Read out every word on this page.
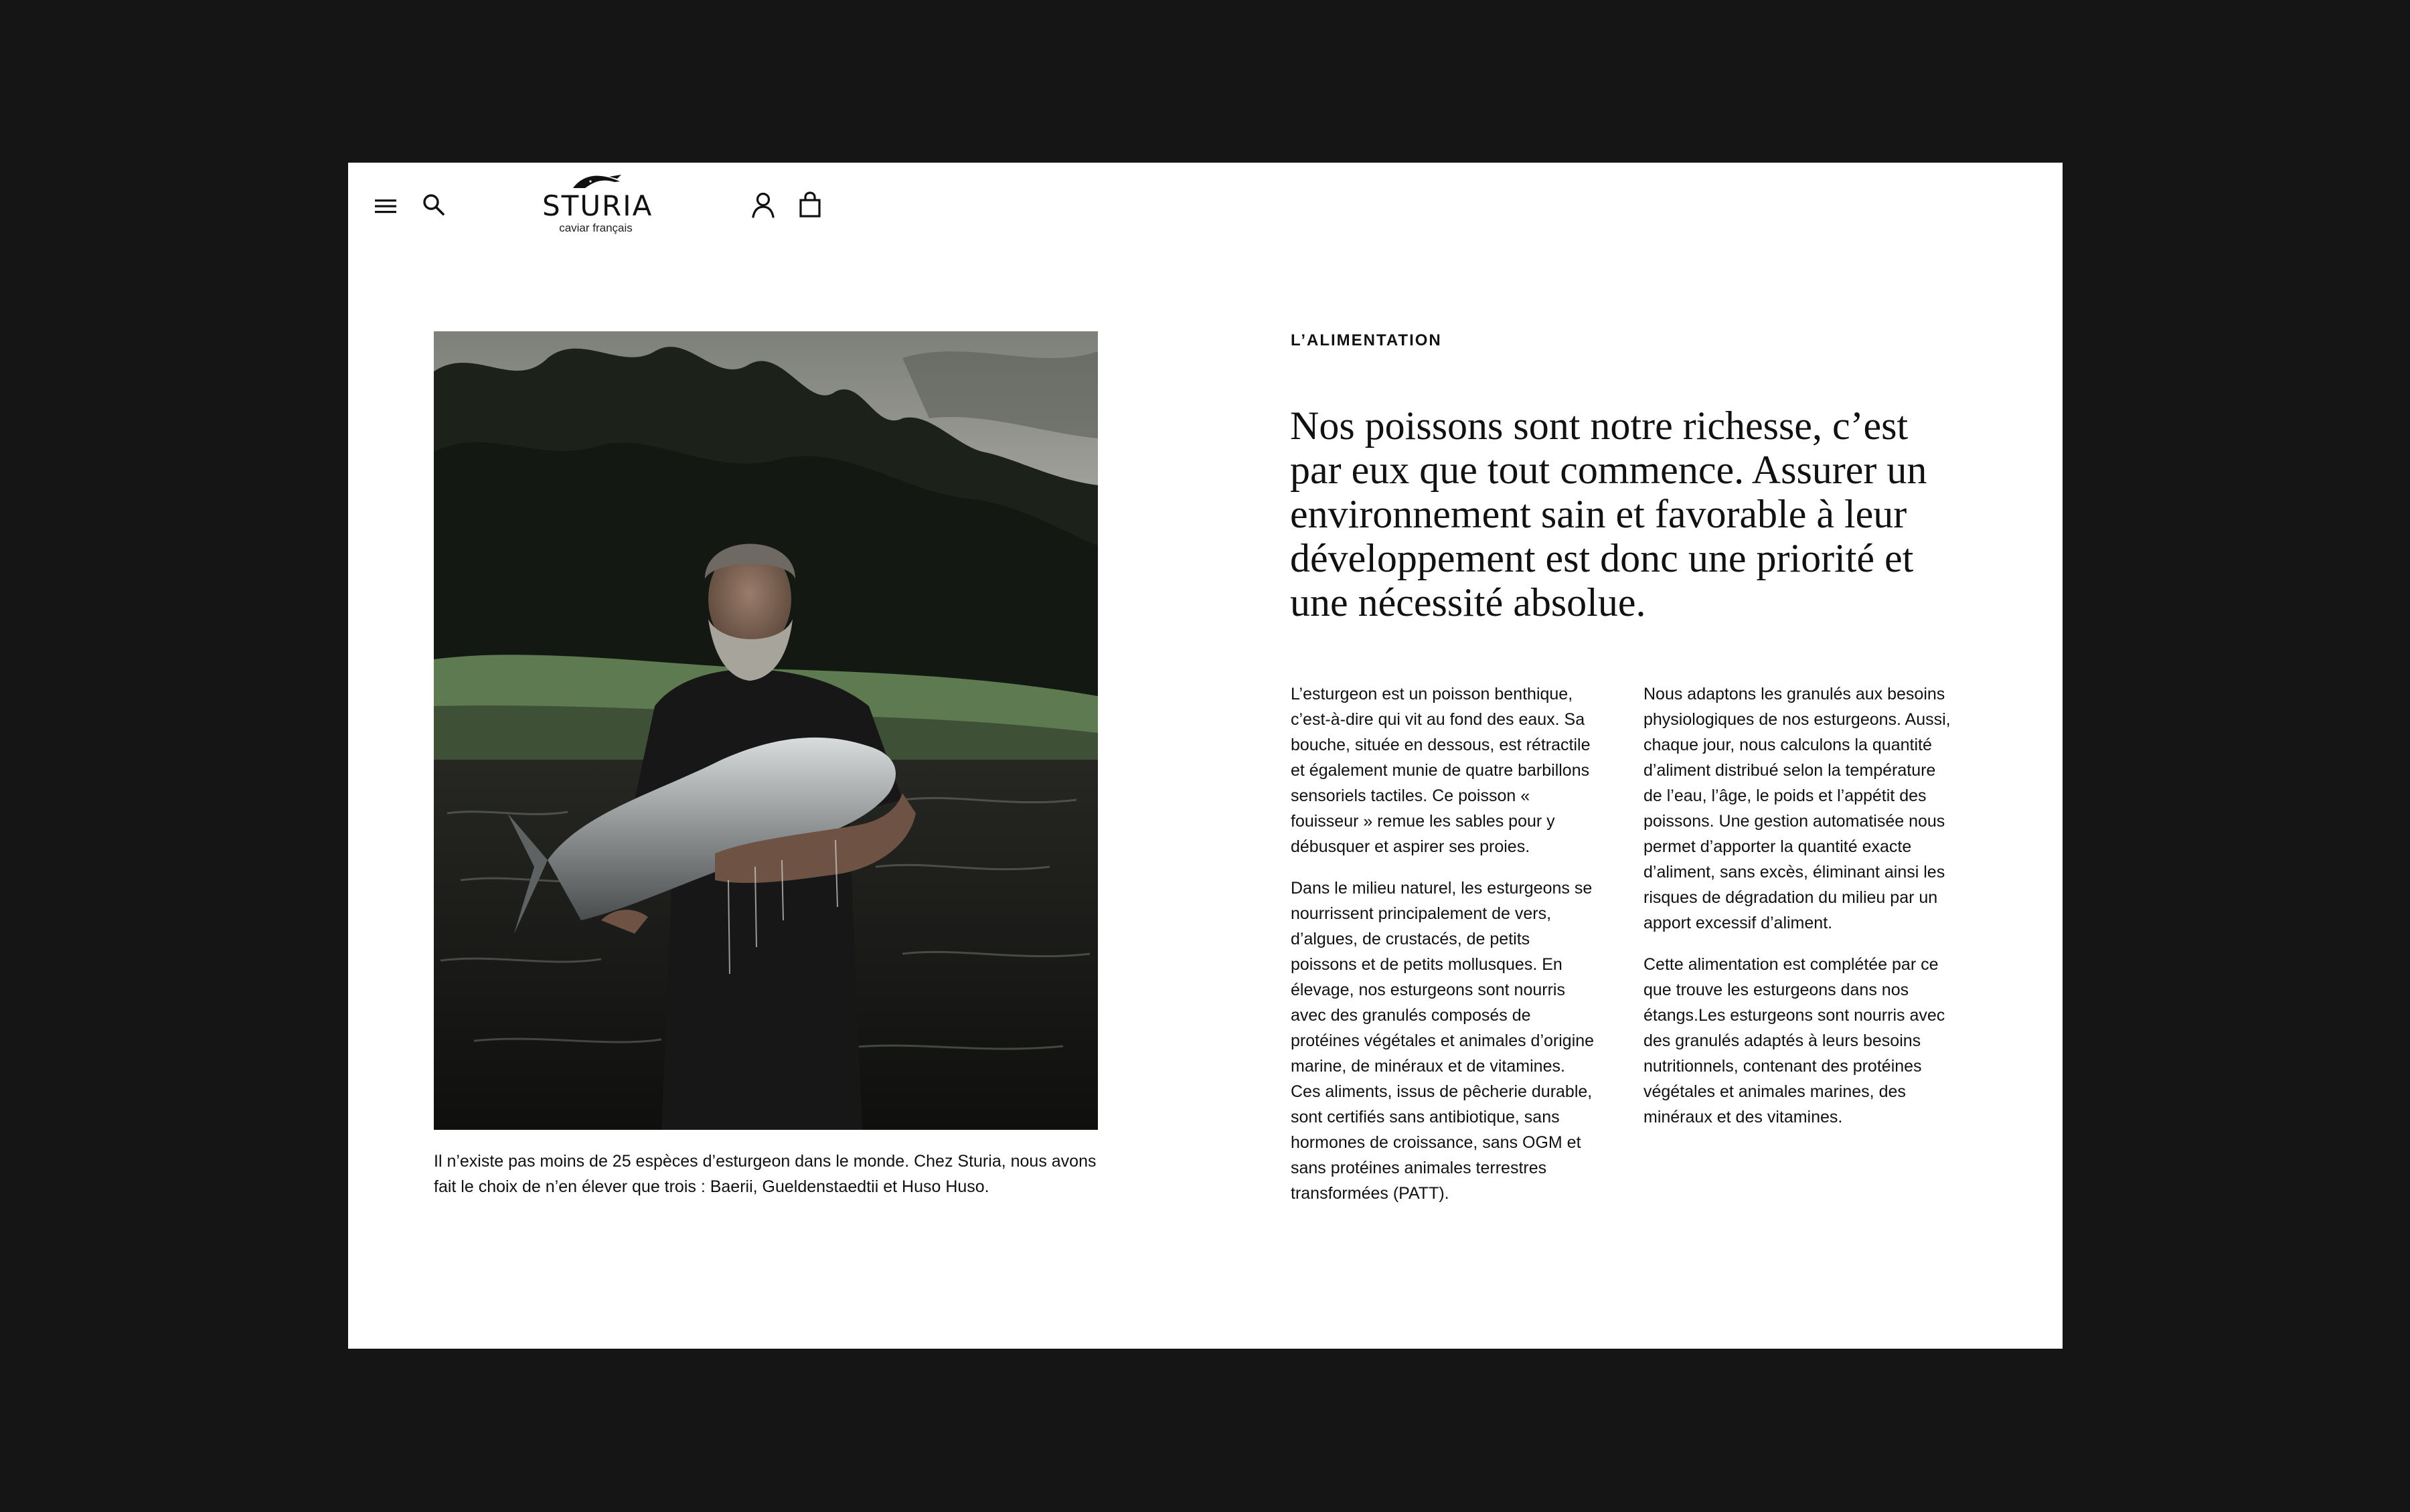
STURIA
caviar français

Il n’existe pas moins de 25 espèces d’esturgeon dans le monde. Chez Sturia, nous avons fait le choix de n’en élever que trois : Baerii, Gueldenstaedtii et Huso Huso.

L’ALIMENTATION
Nos poissons sont notre richesse, c’est par eux que tout commence. Assurer un environnement sain et favorable à leur développement est donc une priorité et une nécessité absolue.

L’esturgeon est un poisson benthique, c’est-à-dire qui vit au fond des eaux. Sa bouche, située en dessous, est rétractile et également munie de quatre barbillons sensoriels tactiles. Ce poisson « fouisseur » remue les sables pour y débusquer et aspirer ses proies.

Dans le milieu naturel, les esturgeons se nourrissent principalement de vers, d’algues, de crustacés, de petits poissons et de petits mollusques. En élevage, nos esturgeons sont nourris avec des granulés composés de protéines végétales et animales d’origine marine, de minéraux et de vitamines. Ces aliments, issus de pêcherie durable, sont certifiés sans antibiotique, sans hormones de croissance, sans OGM et sans protéines animales terrestres transformées (PATT).

Nous adaptons les granulés aux besoins physiologiques de nos esturgeons. Aussi, chaque jour, nous calculons la quantité d’aliment distribué selon la température de l’eau, l’âge, le poids et l’appétit des poissons. Une gestion automatisée nous permet d’apporter la quantité exacte d’aliment, sans excès, éliminant ainsi les risques de dégradation du milieu par un apport excessif d’aliment.

Cette alimentation est complétée par ce que trouve les esturgeons dans nos étangs.Les esturgeons sont nourris avec des granulés adaptés à leurs besoins nutritionnels, contenant des protéines végétales et animales marines, des minéraux et des vitamines.
